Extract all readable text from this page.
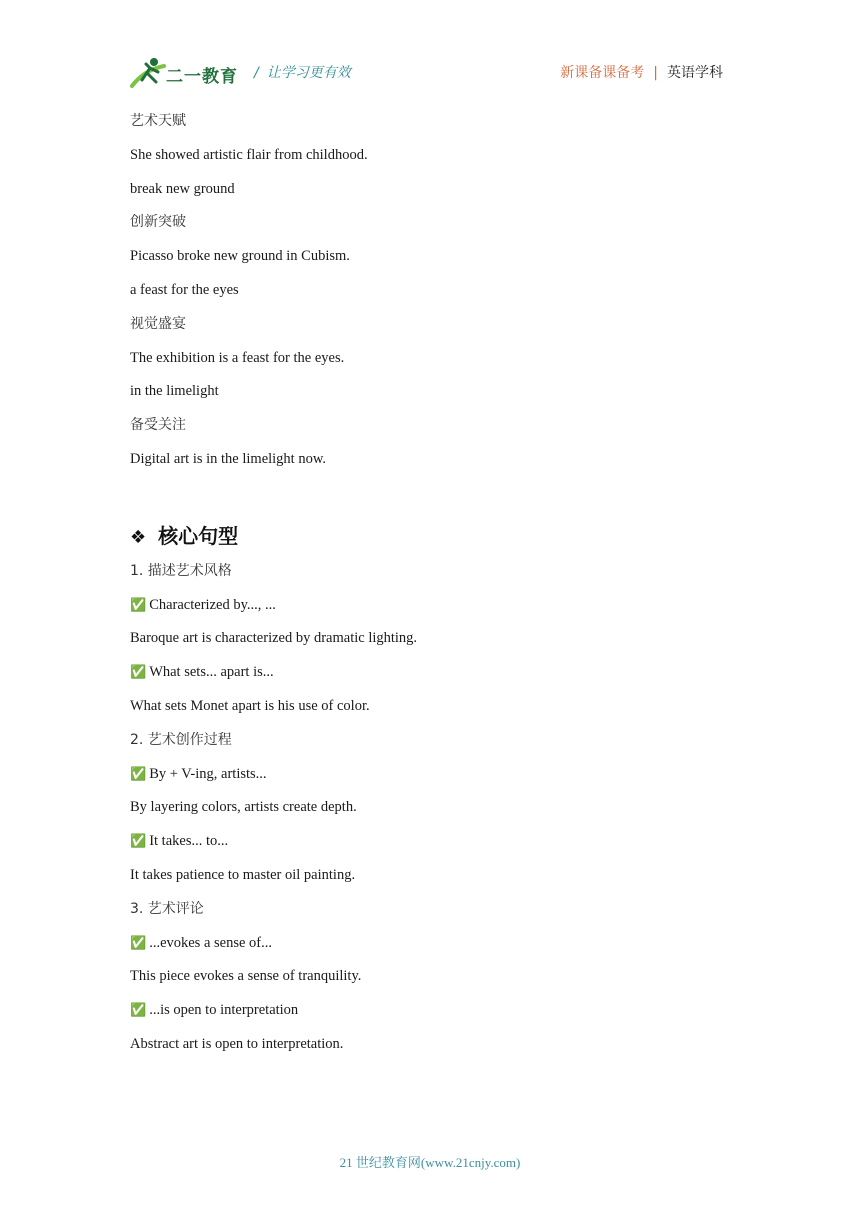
二一教育 / 让学习更有效	新课备课备考 | 英语学科
艺术天赋
She showed artistic flair from childhood.
break new ground
创新突破
Picasso broke new ground in Cubism.
a feast for the eyes
视觉盛宴
The exhibition is a feast for the eyes.
in the limelight
备受关注
Digital art is in the limelight now.
❖ 核心句型
1. 描述艺术风格
✅ Characterized by..., ...
Baroque art is characterized by dramatic lighting.
✅ What sets... apart is...
What sets Monet apart is his use of color.
2. 艺术创作过程
✅ By + V-ing, artists...
By layering colors, artists create depth.
✅ It takes... to...
It takes patience to master oil painting.
3. 艺术评论
✅ ...evokes a sense of...
This piece evokes a sense of tranquility.
✅ ...is open to interpretation
Abstract art is open to interpretation.
21 世纪教育网(www.21cnjy.com)
